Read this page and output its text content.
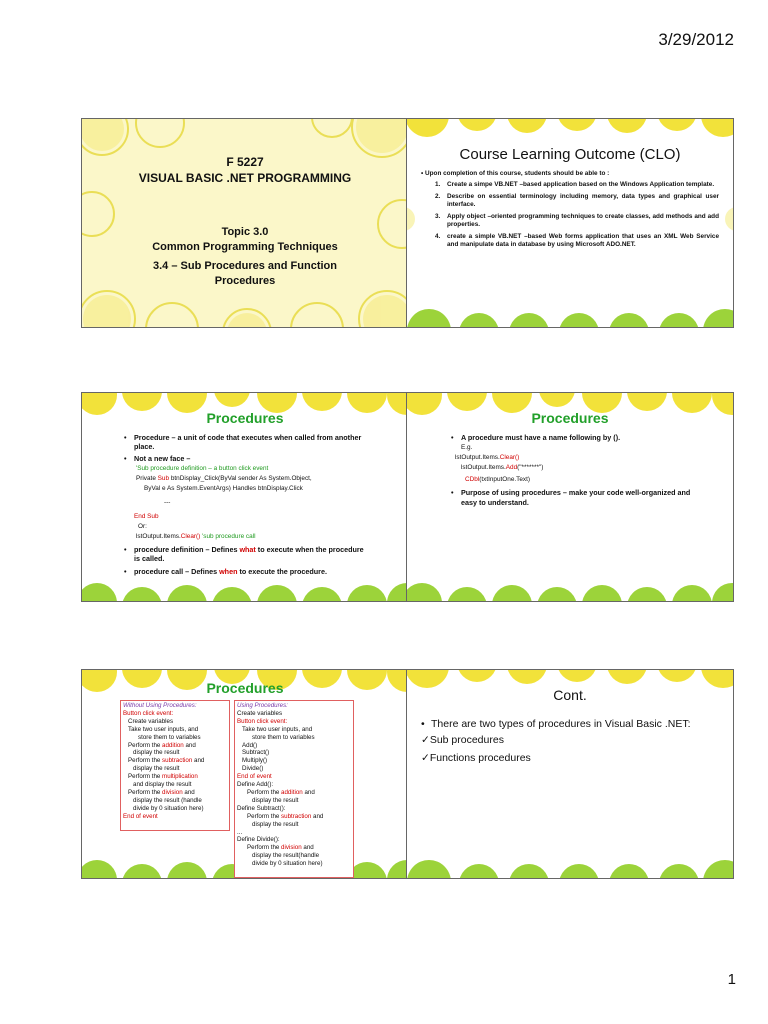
3/29/2012
F 5227
VISUAL BASIC .NET PROGRAMMING
Topic 3.0
Common Programming Techniques
3.4 – Sub Procedures and Function
Procedures
Course Learning Outcome (CLO)
• Upon completion of this course, students should be able to :
1.	Create a simpe VB.NET –based application based on the Windows Application template.
2.	Describe on essential terminology including memory, data types and graphical user interface.
3.	Apply object –oriented programming techniques to create classes, add methods and add properties.
4.	create a simple VB.NET –based Web forms application that uses an XML Web Service and manipulate data in database by using Microsoft ADO.NET.
Procedures
•	Procedure – a unit of code that executes when called from another place.
•	Not a new face –
'Sub procedure definition – a button click event
Private Sub btnDisplay_Click(ByVal sender As System.Object,
ByVal e As System.EventArgs) Handles btnDisplay.Click
---
End Sub
Or:
lstOutput.Items.Clear() 'sub procedure call
•	procedure definition – Defines what to execute when the procedure is called.
•	procedure call – Defines when to execute the procedure.
Procedures
•	A procedure must have a name following by ().
E.g.
lstOutput.Items.Clear()
lstOutput.Items.Add("*******")
CDbl(txtInputOne.Text)
•	Purpose of using procedures – make your code well-organized and easy to understand.
Procedures
Without Using Procedures:
Button click event:
Create variables
Take two user inputs, and
store them to variables
Perform the addition and
display the result
Perform the subtraction and
display the result
Perform the multiplication
and display the result
Perform the division and
display the result (handle
divide by 0 situation here)
End of event
Using Procedures:
Create variables
Button click event:
Take two user inputs, and
store them to variables
Add()
Subtract()
Multiply()
Divide()
End of event
Define Add():
Perform the addition and
display the result
Define Subtract():
Perform the subtraction and
display the result
...
Define Divide():
Perform the division and
display the result(handle
divide by 0 situation here)
Cont.
• There are two types of procedures in Visual Basic .NET:
✓Sub procedures
✓Functions procedures
1
